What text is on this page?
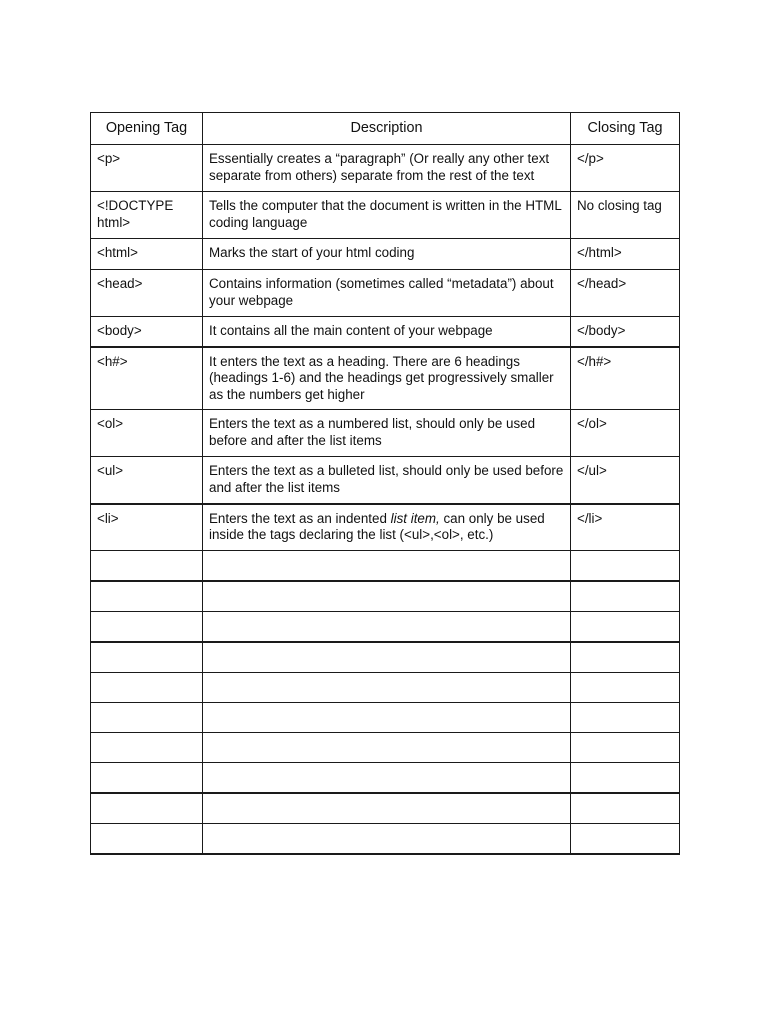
Opening Tag	Description	Closing Tag

<p>	Essentially creates a “paragraph” (Or really any other text separate from others) separate from the rest of the text	</p>

<!DOCTYPE html>	Tells the computer that the document is written in the HTML coding language	No closing tag

<html>	Marks the start of your html coding	</html>

<head>	Contains information (sometimes called “metadata”) about your webpage	</head>

<body>	It contains all the main content of your webpage	</body>

<h#>	It enters the text as a heading. There are 6 headings (headings 1-6) and the headings get progressively smaller as the numbers get higher	</h#>

<ol>	Enters the text as a numbered list, should only be used before and after the list items	</ol>

<ul>	Enters the text as a bulleted list, should only be used before and after the list items	</ul>

<li>	Enters the text as an indented list item, can only be used inside the tags declaring the list (<ul>,<ol>, etc.)	</li>
